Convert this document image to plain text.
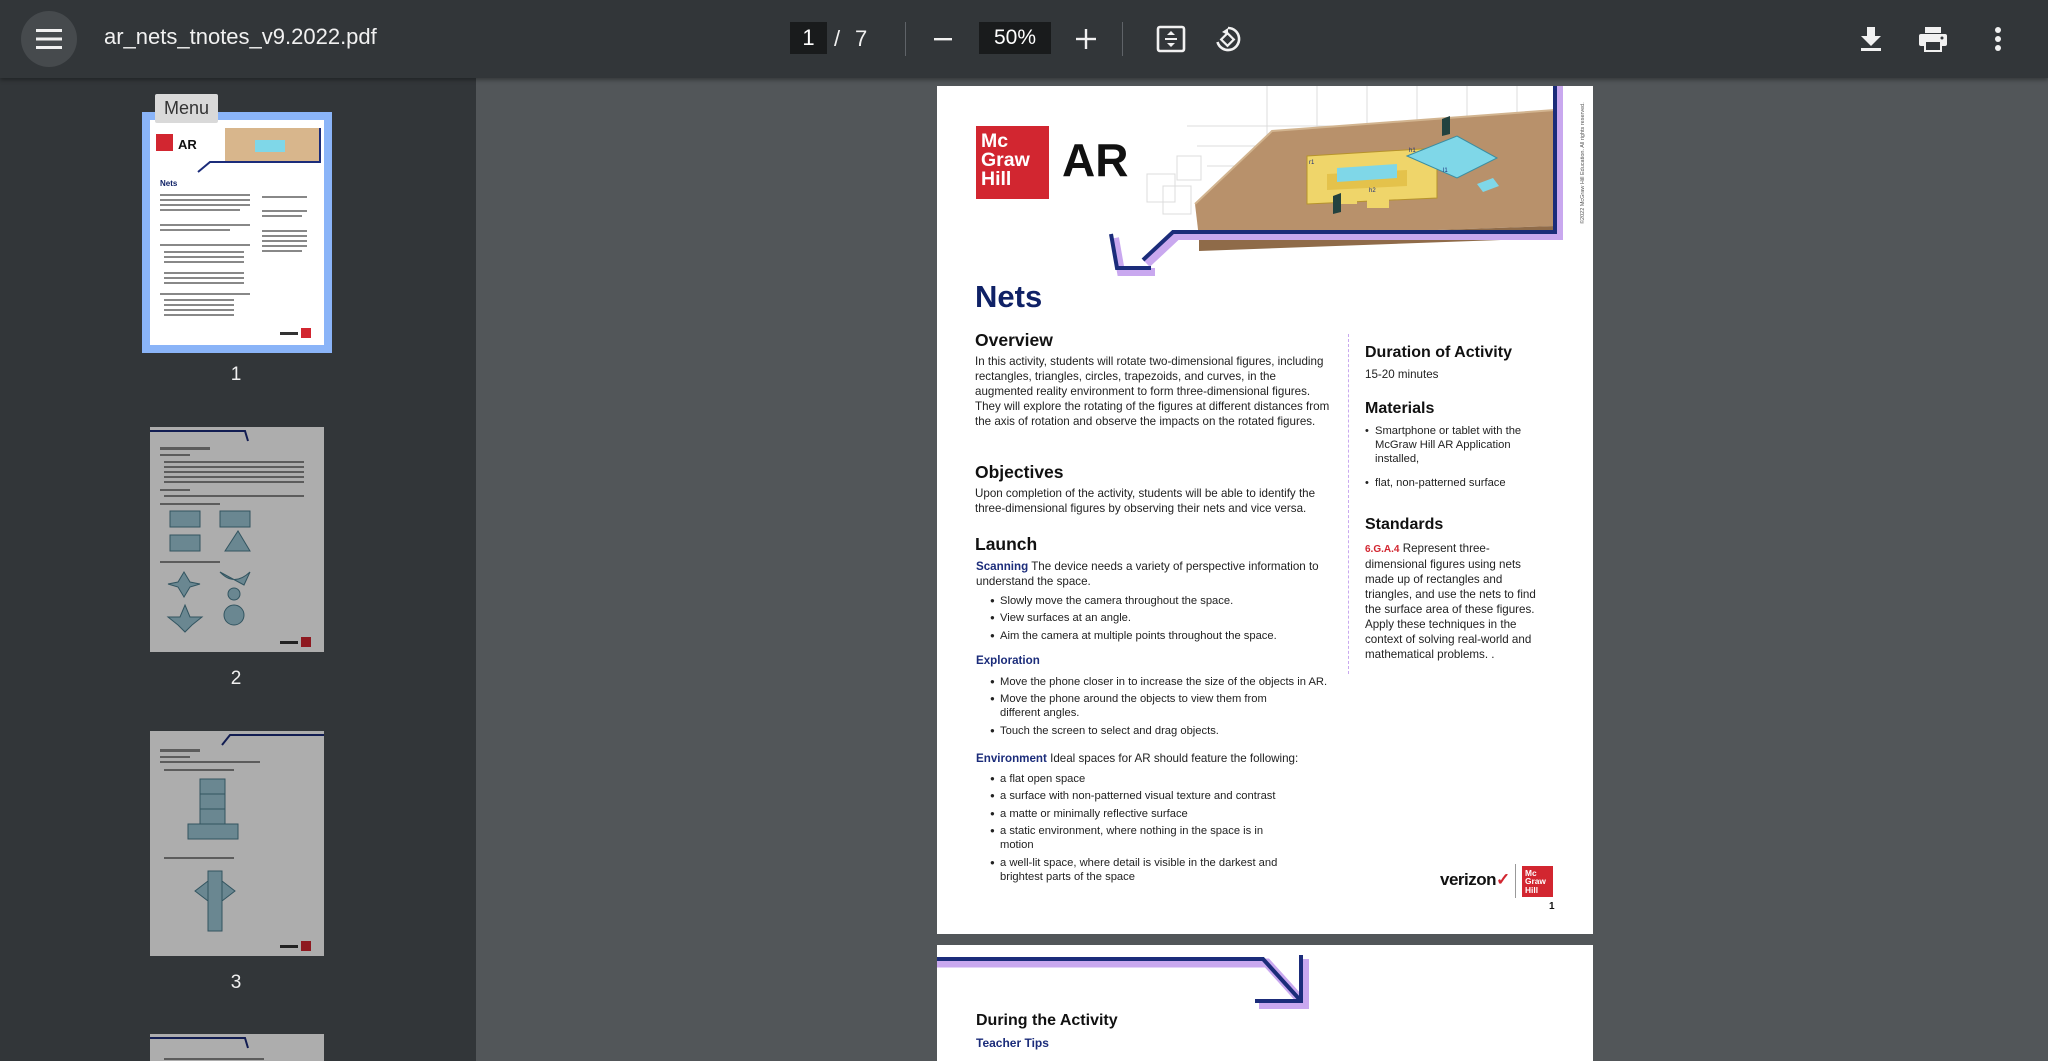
ar_nets_tnotes_v9.2022.pdf	1 / 7	50%
AR
Nets
1
2
3
Menu
r1
h1
h2
l1
Mc
Graw
Hill	AR	©2022 McGraw Hill Education. All rights reserved.
Nets
Overview
In this activity, students will rotate two-dimensional figures, including rectangles, triangles, circles, trapezoids, and curves, in the augmented reality environment to form three-dimensional figures. They will explore the rotating of the figures at different distances from the axis of rotation and observe the impacts on the rotated figures.
Objectives
Upon completion of the activity, students will be able to identify the three-dimensional figures by observing their nets and vice versa.
Launch
Scanning The device needs a variety of perspective information to understand the space.
● Slowly move the camera throughout the space.
● View surfaces at an angle.
● Aim the camera at multiple points throughout the space.
Exploration
● Move the phone closer in to increase the size of the objects in AR.
● Move the phone around the objects to view them from different angles.
● Touch the screen to select and drag objects.
Environment Ideal spaces for AR should feature the following:
● a flat open space
● a surface with non-patterned visual texture and contrast
● a matte or minimally reflective surface
● a static environment, where nothing in the space is in motion
● a well-lit space, where detail is visible in the darkest and brightest parts of the space
Duration of Activity
15-20 minutes
Materials
• Smartphone or tablet with the McGraw Hill AR Application installed,
• flat, non-patterned surface
Standards
6.G.A.4 Represent three-dimensional figures using nets made up of rectangles and triangles, and use the nets to find the surface area of these figures. Apply these techniques in the context of solving real-world and mathematical problems. .
verizon✓ Mc
Graw
Hill
1
During the Activity
Teacher Tips
